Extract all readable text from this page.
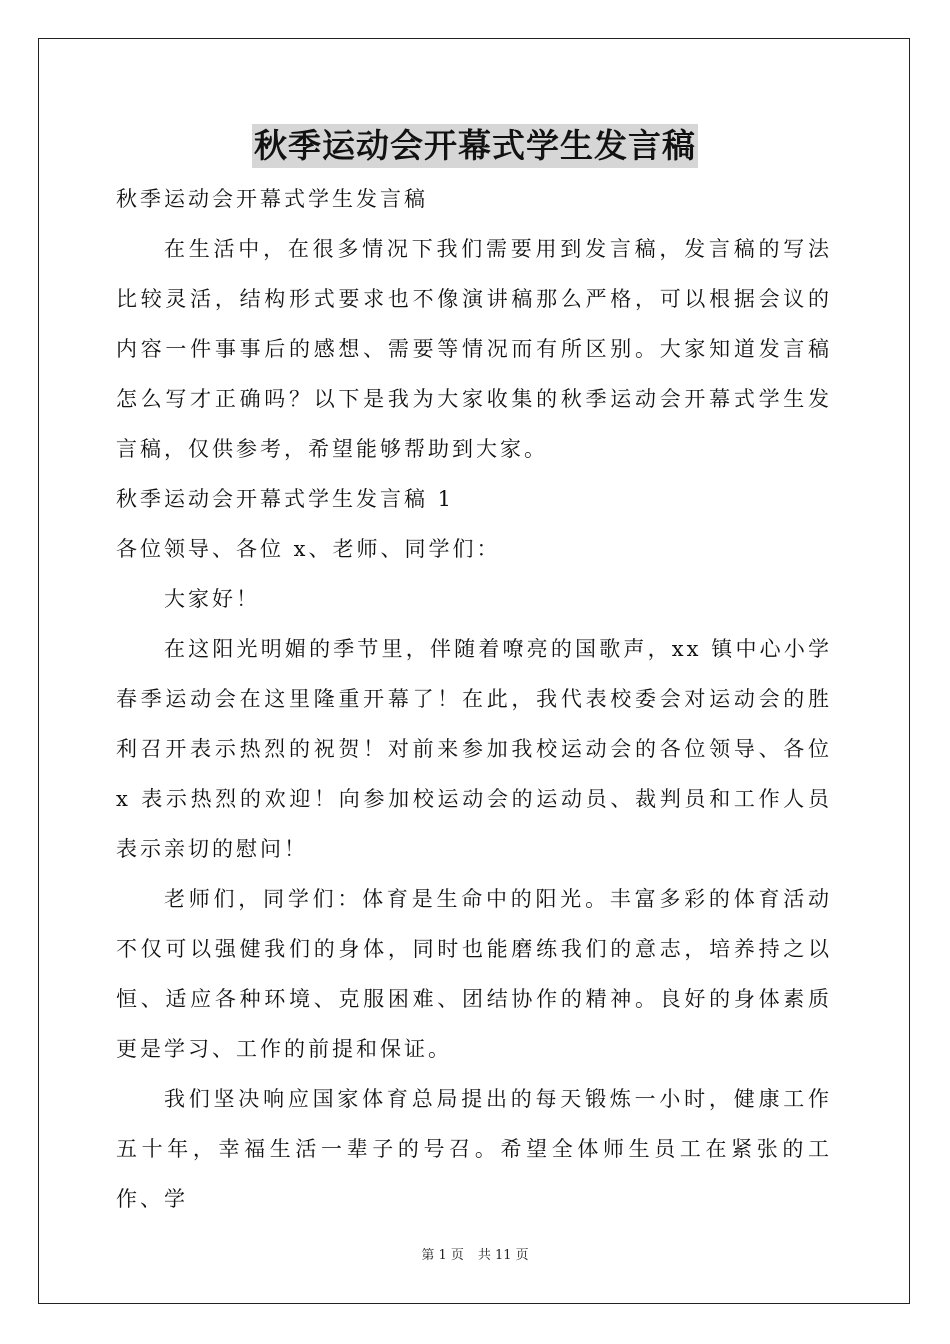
秋季运动会开幕式学生发言稿

秋季运动会开幕式学生发言稿

在生活中，在很多情况下我们需要用到发言稿，发言稿的写法比较灵活，结构形式要求也不像演讲稿那么严格，可以根据会议的内容一件事事后的感想、需要等情况而有所区别。大家知道发言稿怎么写才正确吗？以下是我为大家收集的秋季运动会开幕式学生发言稿，仅供参考，希望能够帮助到大家。

秋季运动会开幕式学生发言稿 1

各位领导、各位 x、老师、同学们：

大家好！

在这阳光明媚的季节里，伴随着嘹亮的国歌声，xx 镇中心小学春季运动会在这里隆重开幕了！在此，我代表校委会对运动会的胜利召开表示热烈的祝贺！对前来参加我校运动会的各位领导、各位 x 表示热烈的欢迎！向参加校运动会的运动员、裁判员和工作人员表示亲切的慰问！

老师们，同学们：体育是生命中的阳光。丰富多彩的体育活动不仅可以强健我们的身体，同时也能磨练我们的意志，培养持之以恒、适应各种环境、克服困难、团结协作的精神。良好的身体素质更是学习、工作的前提和保证。

我们坚决响应国家体育总局提出的每天锻炼一小时，健康工作五十年，幸福生活一辈子的号召。希望全体师生员工在紧张的工作、学

第 1 页 共 11 页
